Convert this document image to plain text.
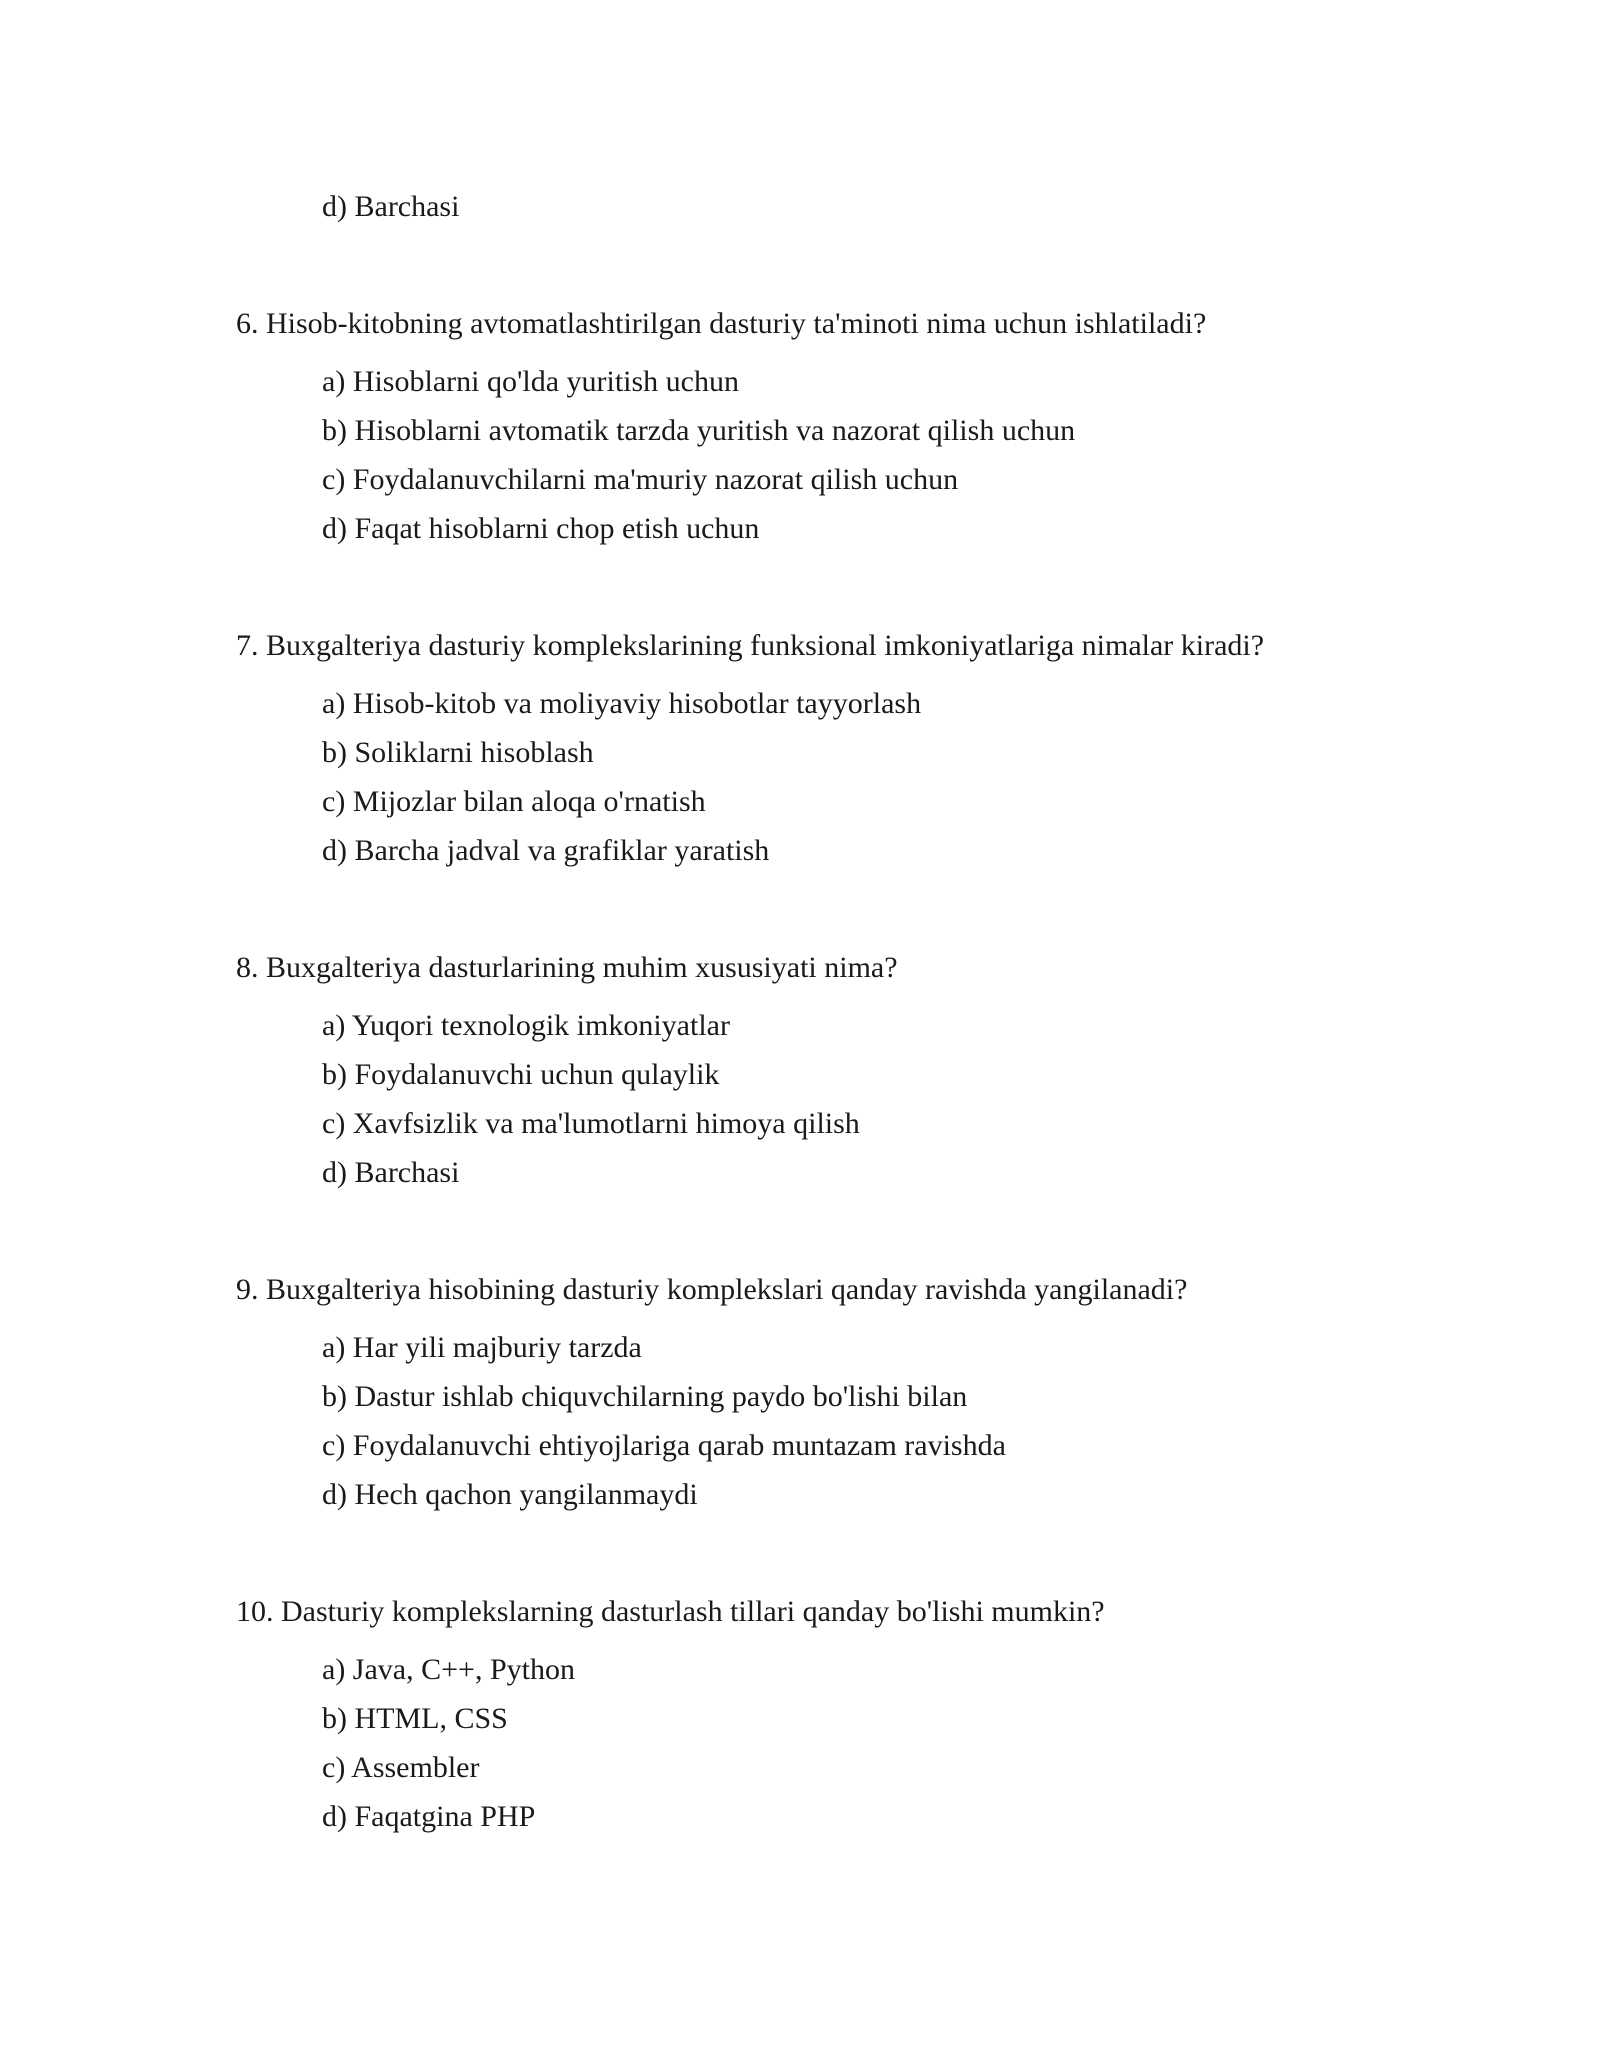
d) Barchasi
6. Hisob-kitobning avtomatlashtirilgan dasturiy ta'minoti nima uchun ishlatiladi?
a) Hisoblarni qo'lda yuritish uchun
b) Hisoblarni avtomatik tarzda yuritish va nazorat qilish uchun
c) Foydalanuvchilarni ma'muriy nazorat qilish uchun
d) Faqat hisoblarni chop etish uchun
7. Buxgalteriya dasturiy komplekslarining funksional imkoniyatlariga nimalar kiradi?
a) Hisob-kitob va moliyaviy hisobotlar tayyorlash
b) Soliklarni hisoblash
c) Mijozlar bilan aloqa o'rnatish
d) Barcha jadval va grafiklar yaratish
8. Buxgalteriya dasturlarining muhim xususiyati nima?
a) Yuqori texnologik imkoniyatlar
b) Foydalanuvchi uchun qulaylik
c) Xavfsizlik va ma'lumotlarni himoya qilish
d) Barchasi
9. Buxgalteriya hisobining dasturiy komplekslari qanday ravishda yangilanadi?
a) Har yili majburiy tarzda
b) Dastur ishlab chiquvchilarning paydo bo'lishi bilan
c) Foydalanuvchi ehtiyojlariga qarab muntazam ravishda
d) Hech qachon yangilanmaydi
10. Dasturiy komplekslarning dasturlash tillari qanday bo'lishi mumkin?
a) Java, C++, Python
b) HTML, CSS
c) Assembler
d) Faqatgina PHP
